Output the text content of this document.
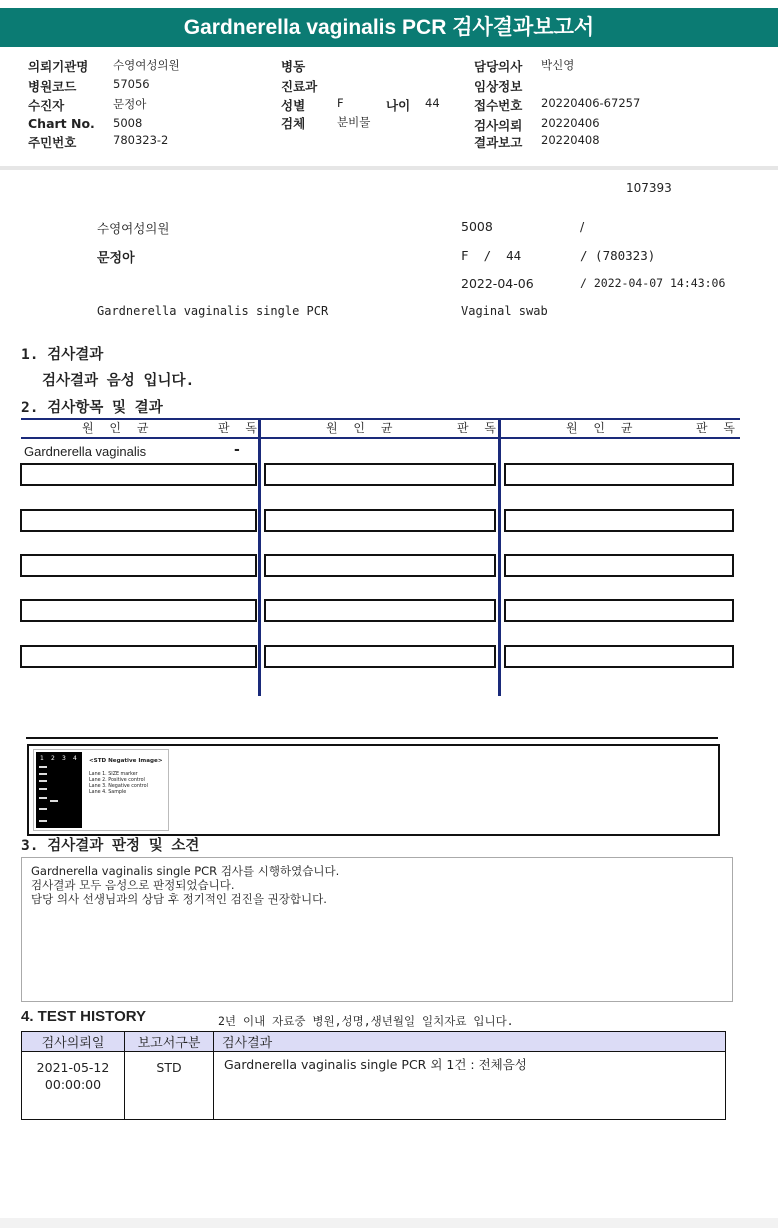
Gardnerella vaginalis PCR 검사결과보고서
의뢰기관명 수영여성의원
병원코드	57056
수진자	문정아
Chart No. 5008
주민번호	780323-2
병동
진료과
성별	F	나이 44
검체	분비물
담당의사 박신영
임상정보
접수번호 20220406-67257
검사의뢰 20220406
결과보고 20220408
107393
수영여성의원	5008	/
문정아	F  /  44	/ (780323)
2022-04-06	/ 2022-04-07 14:43:06
Gardnerella vaginalis single PCR	Vaginal swab
1. 검사결과
검사결과 음성 입니다.
2. 검사항목 및 결과
원 인 균	판 독	원 인 균	판 독	원 인 균	판 독
Gardnerella vaginalis	-
1 2 3 4 <STD Negative Image>
Lane 1. SIZE marker
Lane 2. Positive control
Lane 3. Negative control
Lane 4. Sample
3. 검사결과 판정 및 소견
Gardnerella vaginalis single PCR 검사를 시행하였습니다.
검사결과 모두 음성으로 판정되었습니다.
담당 의사 선생님과의 상담 후 정기적인 검진을 권장합니다.
4. TEST HISTORY	2년 이내 자료중 병원,성명,생년월일 일치자료 입니다.
검사의뢰일	보고서구분	검사결과

2021-05-12
00:00:00	STD	Gardnerella vaginalis single PCR 외 1건 : 전체음성
